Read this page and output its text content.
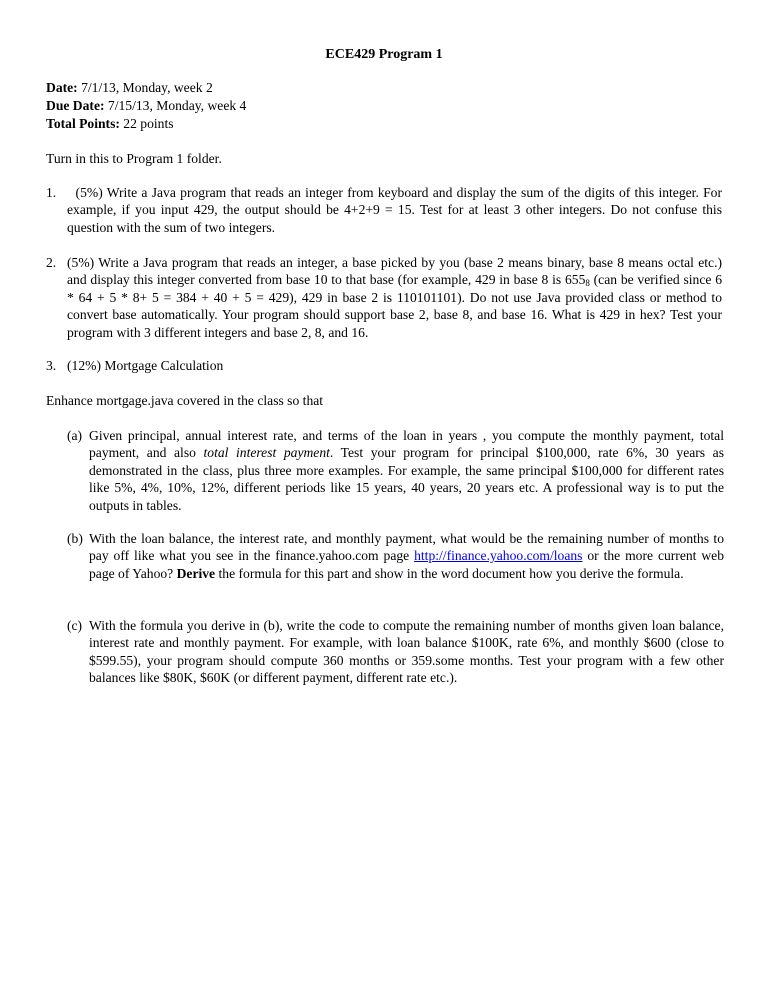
ECE429 Program 1
Date: 7/1/13, Monday, week 2
Due Date: 7/15/13, Monday, week 4
Total Points: 22 points
Turn in this to Program 1 folder.
1.	(5%) Write a Java program that reads an integer from keyboard and display the sum of the digits of this integer. For example, if you input 429, the output should be 4+2+9 = 15. Test for at least 3 other integers. Do not confuse this question with the sum of two integers.
2. (5%) Write a Java program that reads an integer, a base picked by you (base 2 means binary, base 8 means octal etc.) and display this integer converted from base 10 to that base (for example, 429 in base 8 is $655_8$ (can be verified since 6 * 64 + 5 * 8+ 5 = 384 + 40 + 5 = 429), 429 in base 2 is 110101101). Do not use Java provided class or method to convert base automatically. Your program should support base 2, base 8, and base 16. What is 429 in hex? Test your program with 3 different integers and base 2, 8, and 16.
3. (12%) Mortgage Calculation
Enhance mortgage.java covered in the class so that
(a) Given principal, annual interest rate, and terms of the loan in years , you compute the monthly payment, total payment, and also total interest payment. Test your program for principal $100,000, rate 6%, 30 years as demonstrated in the class, plus three more examples. For example, the same principal $100,000 for different rates like 5%, 4%, 10%, 12%, different periods like 15 years, 40 years, 20 years etc. A professional way is to put the outputs in tables.
(b) With the loan balance, the interest rate, and monthly payment, what would be the remaining number of months to pay off like what you see in the finance.yahoo.com page http://finance.yahoo.com/loans or the more current web page of Yahoo? Derive the formula for this part and show in the word document how you derive the formula.
(c) With the formula you derive in (b), write the code to compute the remaining number of months given loan balance, interest rate and monthly payment. For example, with loan balance $100K, rate 6%, and monthly $600 (close to $599.55), your program should compute 360 months or 359.some months. Test your program with a few other balances like $80K, $60K (or different payment, different rate etc.).
